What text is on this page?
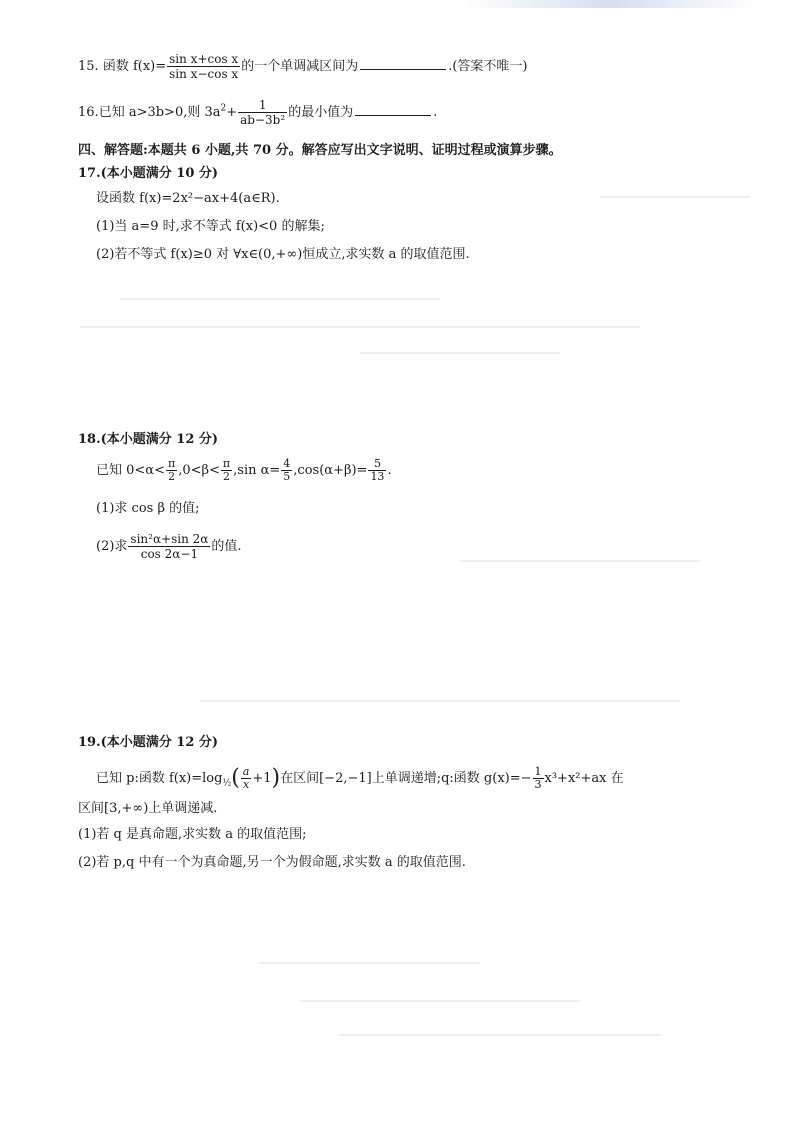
15. 函数 $f(x)= \frac{\text{sin x+cos x}}{\text{sin x−cos x}}$ 的一个单调减区间为	.(答案不唯一)
16.已知 a>3b>0,则 $3a^2+ \frac{1}{\text{ab−3b²}}$ 的最小值为	.
四、解答题:本题共 6 小题,共 70 分。解答应写出文字说明、证明过程或演算步骤。
17.(本小题满分 10 分)
设函数 f(x)=2x²−ax+4(a∈R).
(1)当 a=9 时,求不等式 f(x)<0 的解集;
(2)若不等式 f(x)≥0 对 ∀x∈(0,+∞)恒成立,求实数 a 的取值范围.
18.(本小题满分 12 分)
已知 $0<\alpha< \frac{\pi}{2} ,0<\beta< \frac{\pi}{2} ,\sin$ $\alpha= \frac{4}{5} ,\cos(\alpha+\beta)= \frac{5}{13}$ .
(1)求 cos β 的值;
(2)求 $\frac{\text{sin²α+sin 2α}}{\cos 2\alpha-1}$ 的值.
19.(本小题满分 12 分)
已知 p:函数 $f(x)=\log_{\frac{1}{2}}( \frac{a}{x} +1)$在区间[−2,−1]上单调递增;q:函数 $g(x)=- \frac{1}{3} x^3+x^2+ax$ 在
区间[3,+∞)上单调递减.
(1)若 q 是真命题,求实数 a 的取值范围;
(2)若 p,q 中有一个为真命题,另一个为假命题,求实数 a 的取值范围.
